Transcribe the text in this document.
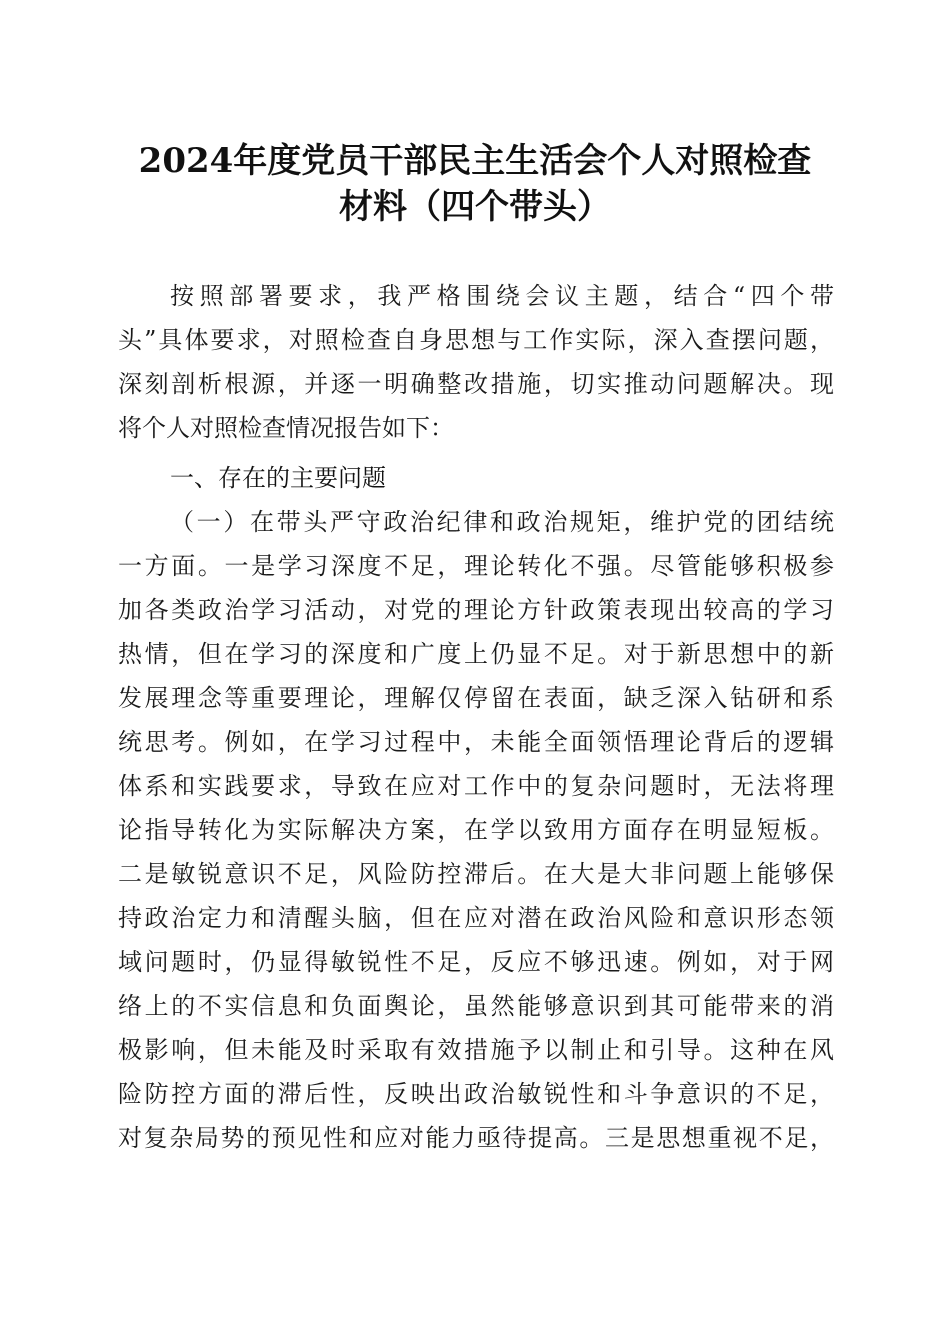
2024年度党员干部民主生活会个人对照检查
材料（四个带头）
按照部署要求，我严格围绕会议主题，结合“四个带
头”具体要求，对照检查自身思想与工作实际，深入查摆问题，
深刻剖析根源，并逐一明确整改措施，切实推动问题解决。现
将个人对照检查情况报告如下：
一、存在的主要问题
（一）在带头严守政治纪律和政治规矩，维护党的团结统
一方面。一是学习深度不足，理论转化不强。尽管能够积极参
加各类政治学习活动，对党的理论方针政策表现出较高的学习
热情，但在学习的深度和广度上仍显不足。对于新思想中的新
发展理念等重要理论，理解仅停留在表面，缺乏深入钻研和系
统思考。例如，在学习过程中，未能全面领悟理论背后的逻辑
体系和实践要求，导致在应对工作中的复杂问题时，无法将理
论指导转化为实际解决方案，在学以致用方面存在明显短板。
二是敏锐意识不足，风险防控滞后。在大是大非问题上能够保
持政治定力和清醒头脑，但在应对潜在政治风险和意识形态领
域问题时，仍显得敏锐性不足，反应不够迅速。例如，对于网
络上的不实信息和负面舆论，虽然能够意识到其可能带来的消
极影响，但未能及时采取有效措施予以制止和引导。这种在风
险防控方面的滞后性，反映出政治敏锐性和斗争意识的不足，
对复杂局势的预见性和应对能力亟待提高。三是思想重视不足，
